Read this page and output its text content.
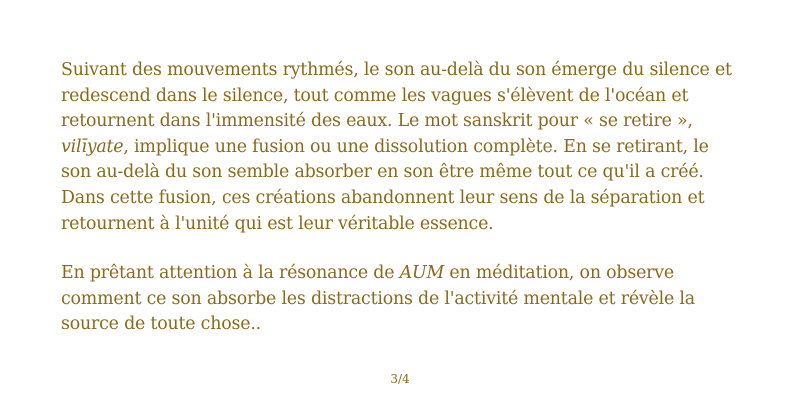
Suivant des mouvements rythmés, le son au-delà du son émerge du silence et redescend dans le silence, tout comme les vagues s'élèvent de l'océan et retournent dans l'immensité des eaux. Le mot sanskrit pour « se retire », vilīyate, implique une fusion ou une dissolution complète. En se retirant, le son au-delà du son semble absorber en son être même tout ce qu'il a créé. Dans cette fusion, ces créations abandonnent leur sens de la séparation et retournent à l'unité qui est leur véritable essence.

En prêtant attention à la résonance de AUM en méditation, on observe comment ce son absorbe les distractions de l'activité mentale et révèle la source de toute chose..

3/4
